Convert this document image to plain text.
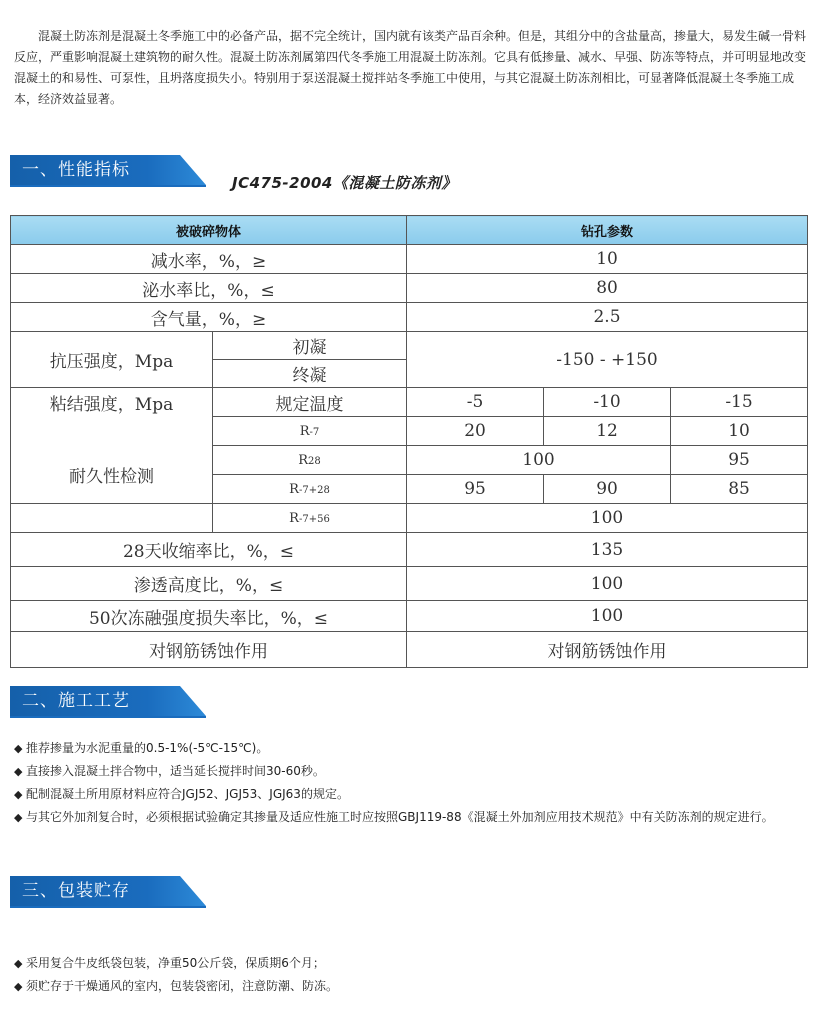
混凝土防冻剂是混凝土冬季施工中的必备产品，据不完全统计，国内就有该类产品百余种。但是，其组分中的含盐量高，掺量大，易发生碱一骨料反应，严重影响混凝土建筑物的耐久性。混凝土防冻剂属第四代冬季施工用混凝土防冻剂。它具有低掺量、减水、早强、防冻等特点，并可明显地改变混凝土的和易性、可泵性，且坍落度损失小。特别用于泵送混凝土搅拌站冬季施工中使用，与其它混凝土防冻剂相比，可显著降低混凝土冬季施工成本，经济效益显著。
一、性能指标
JC475-2004《混凝土防冻剂》
被破碎物体		钻孔参数		
减水率，%，≥		10		
泌水率比，%，≤		80		
含气量，%，≥		2.5		
抗压强度，Mpa	初凝	-150 - +150		
	终凝			
粘结强度，Mpa	规定温度	-5	-10	-15
	R-7	20	12	10
耐久性检测	R28	100		95
	R-7+28	95	90	85
	R-7+56	100		
28天收缩率比，%，≤		135		
渗透高度比，%，≤		100		
50次冻融强度损失率比，%，≤		100		
对钢筋锈蚀作用		对钢筋锈蚀作用		
二、施工工艺

◆ 推荐掺量为水泥重量的0.5-1%(-5℃-15℃)。

◆ 直接掺入混凝土拌合物中，适当延长搅拌时间30-60秒。

◆ 配制混凝土所用原材料应符合JGJ52、JGJ53、JGJ63的规定。

◆ 与其它外加剂复合时，必须根据试验确定其掺量及适应性施工时应按照GBJ119-88《混凝土外加剂应用技术规范》中有关防冻剂的规定进行。

三、包装贮存

◆ 采用复合牛皮纸袋包装，净重50公斤袋，保质期6个月；

◆ 须贮存于干燥通风的室内，包装袋密闭，注意防潮、防冻。
